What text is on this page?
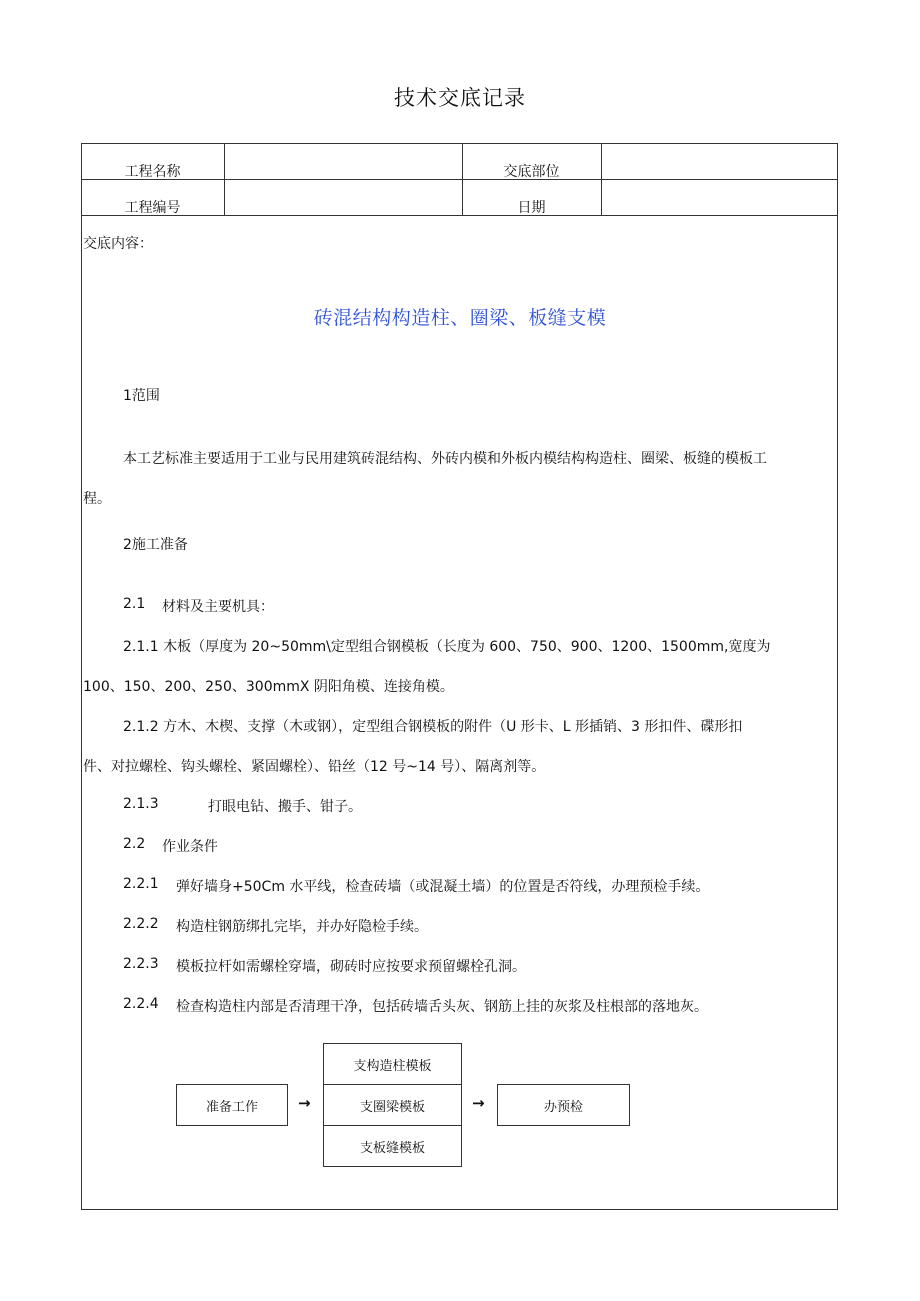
技术交底记录
工程名称	交底部位
工程编号	日期
交底内容：
砖混结构构造柱、圈梁、板缝支模
1范围
本工艺标准主要适用于工业与民用建筑砖混结构、外砖内模和外板内模结构构造柱、圈梁、板缝的模板工
程。
2施工准备
2.1 材料及主要机具：
2.1.1 木板（厚度为 20~50mm\定型组合钢模板（长度为 600、750、900、1200、1500mm,宽度为
100、150、200、250、300mmX 阴阳角模、连接角模。
2.1.2 方木、木楔、支撑（木或钢），定型组合钢模板的附件（U 形卡、L 形插销、3 形扣件、碟形扣
件、对拉螺栓、钩头螺栓、紧固螺栓）、铅丝（12 号~14 号）、隔离剂等。
2.1.3	打眼电钻、搬手、钳子。
2.2 作业条件
2.2.1 弹好墙身+50Cm 水平线，检查砖墙（或混凝土墙）的位置是否符线，办理预检手续。
2.2.2 构造柱钢筋绑扎完毕，并办好隐检手续。
2.2.3 模板拉杆如需螺栓穿墙，砌砖时应按要求预留螺栓孔洞。
2.2.4 检查构造柱内部是否清理干净，包括砖墙舌头灰、钢筋上挂的灰浆及柱根部的落地灰。
准备工作	→
支构造柱模板
支圈梁模板
支板缝模板
→	办预检
